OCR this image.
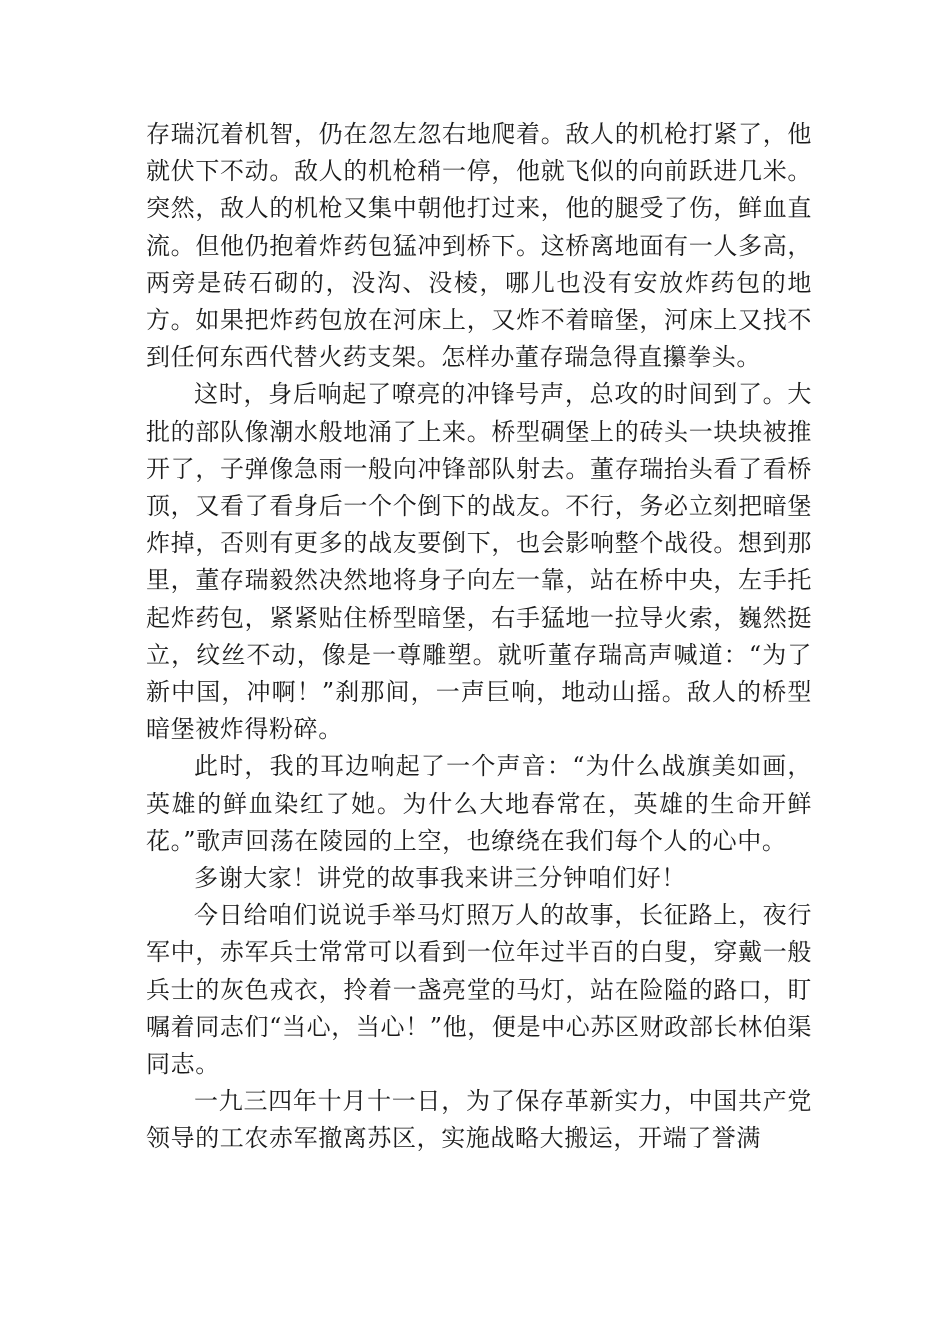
存瑞沉着机智，仍在忽左忽右地爬着。敌人的机枪打紧了，他就伏下不动。敌人的机枪稍一停，他就飞似的向前跃进几米。突然，敌人的机枪又集中朝他打过来，他的腿受了伤，鲜血直流。但他仍抱着炸药包猛冲到桥下。这桥离地面有一人多高，两旁是砖石砌的，没沟、没棱，哪儿也没有安放炸药包的地方。如果把炸药包放在河床上，又炸不着暗堡，河床上又找不到任何东西代替火药支架。怎样办董存瑞急得直攥拳头。

这时，身后响起了嘹亮的冲锋号声，总攻的时间到了。大批的部队像潮水般地涌了上来。桥型碉堡上的砖头一块块被推开了，子弹像急雨一般向冲锋部队射去。董存瑞抬头看了看桥顶，又看了看身后一个个倒下的战友。不行，务必立刻把暗堡炸掉，否则有更多的战友要倒下，也会影响整个战役。想到那里，董存瑞毅然决然地将身子向左一靠，站在桥中央，左手托起炸药包，紧紧贴住桥型暗堡，右手猛地一拉导火索，巍然挺立，纹丝不动，像是一尊雕塑。就听董存瑞高声喊道：“为了新中国，冲啊！”刹那间，一声巨响，地动山摇。敌人的桥型暗堡被炸得粉碎。

此时，我的耳边响起了一个声音：“为什么战旗美如画，英雄的鲜血染红了她。为什么大地春常在，英雄的生命开鲜花。”歌声回荡在陵园的上空，也缭绕在我们每个人的心中。

多谢大家！讲党的故事我来讲三分钟咱们好！

今日给咱们说说手举马灯照万人的故事，长征路上，夜行军中，赤军兵士常常可以看到一位年过半百的白叟，穿戴一般兵士的灰色戎衣，拎着一盏亮堂的马灯，站在险隘的路口，盯嘱着同志们“当心，当心！”他，便是中心苏区财政部长林伯渠同志。

一九三四年十月十一日，为了保存革新实力，中国共产党领导的工农赤军撤离苏区，实施战略大搬运，开端了誉满
